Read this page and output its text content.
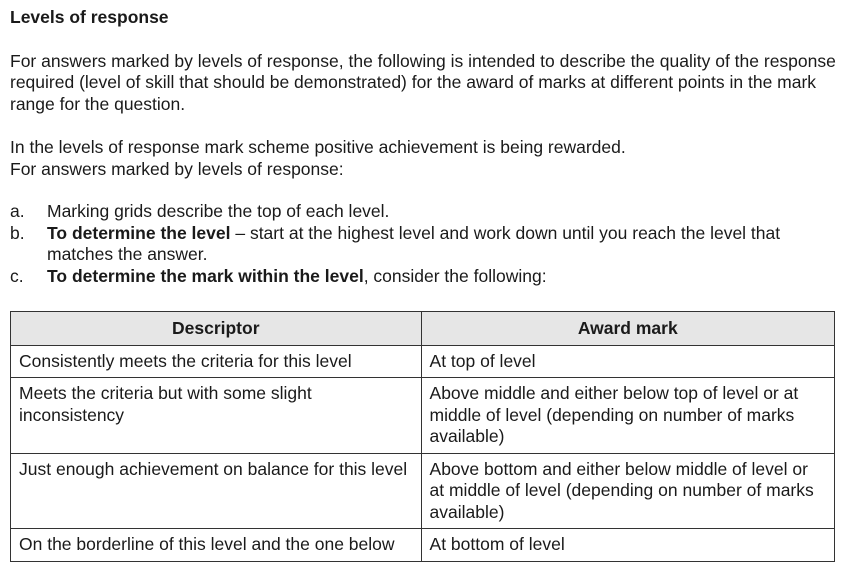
Levels of response
For answers marked by levels of response, the following is intended to describe the quality of the response required (level of skill that should be demonstrated) for the award of marks at different points in the mark range for the question.
In the levels of response mark scheme positive achievement is being rewarded.
For answers marked by levels of response:
a.	Marking grids describe the top of each level.
b.	To determine the level – start at the highest level and work down until you reach the level that matches the answer.
c.	To determine the mark within the level, consider the following:
Descriptor	Award mark
Consistently meets the criteria for this level	At top of level
Meets the criteria but with some slight inconsistency	Above middle and either below top of level or at middle of level (depending on number of marks available)
Just enough achievement on balance for this level	Above bottom and either below middle of level or at middle of level (depending on number of marks available)
On the borderline of this level and the one below	At bottom of level
